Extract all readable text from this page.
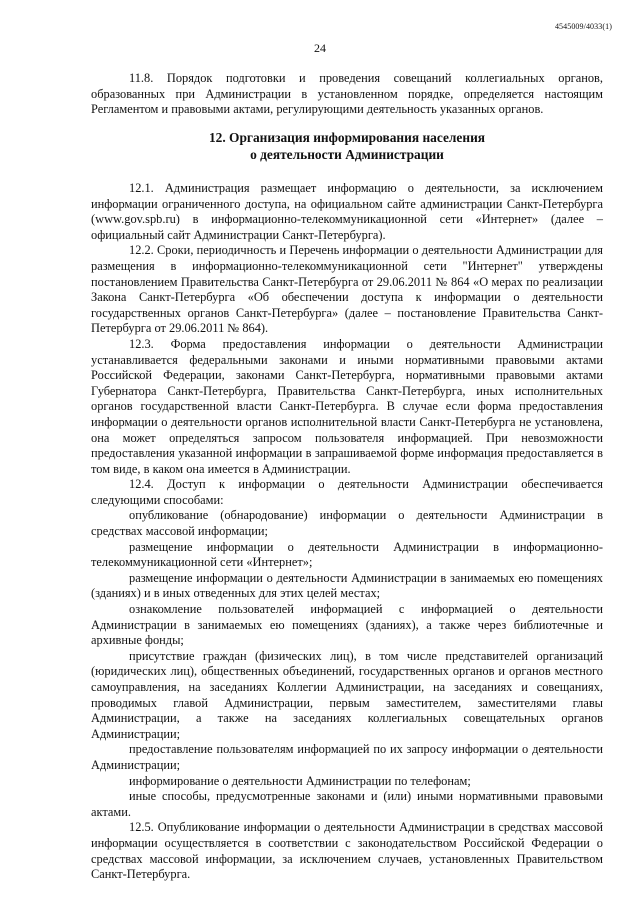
4545009/4033(1)
24

11.8. Порядок подготовки и проведения совещаний коллегиальных органов, образованных при Администрации в установленном порядке, определяется настоящим Регламентом и правовыми актами, регулирующими деятельность указанных органов.

12. Организация информирования населения
о деятельности Администрации

12.1. Администрация размещает информацию о деятельности, за исключением информации ограниченного доступа, на официальном сайте администрации Санкт-Петербурга (www.gov.spb.ru) в информационно-телекоммуникационной сети «Интернет» (далее – официальный сайт Администрации Санкт-Петербурга).

12.2. Сроки, периодичность и Перечень информации о деятельности Администрации для размещения в информационно-телекоммуникационной сети "Интернет" утверждены постановлением Правительства Санкт-Петербурга от 29.06.2011 № 864 «О мерах по реализации Закона Санкт-Петербурга «Об обеспечении доступа к информации о деятельности государственных органов Санкт-Петербурга» (далее – постановление Правительства Санкт-Петербурга от 29.06.2011 № 864).

12.3. Форма предоставления информации о деятельности Администрации устанавливается федеральными законами и иными нормативными правовыми актами Российской Федерации, законами Санкт-Петербурга, нормативными правовыми актами Губернатора Санкт-Петербурга, Правительства Санкт-Петербурга, иных исполнительных органов государственной власти Санкт-Петербурга. В случае если форма предоставления информации о деятельности органов исполнительной власти Санкт-Петербурга не установлена, она может определяться запросом пользователя информацией. При невозможности предоставления указанной информации в запрашиваемой форме информация предоставляется в том виде, в каком она имеется в Администрации.

12.4. Доступ к информации о деятельности Администрации обеспечивается следующими способами:

опубликование (обнародование) информации о деятельности Администрации в средствах массовой информации;

размещение информации о деятельности Администрации в информационно-телекоммуникационной сети «Интернет»;

размещение информации о деятельности Администрации в занимаемых ею помещениях (зданиях) и в иных отведенных для этих целей местах;

ознакомление пользователей информацией с информацией о деятельности Администрации в занимаемых ею помещениях (зданиях), а также через библиотечные и архивные фонды;

присутствие граждан (физических лиц), в том числе представителей организаций (юридических лиц), общественных объединений, государственных органов и органов местного самоуправления, на заседаниях Коллегии Администрации, на заседаниях и совещаниях, проводимых главой Администрации, первым заместителем, заместителями главы Администрации, а также на заседаниях коллегиальных совещательных органов Администрации;

предоставление пользователям информацией по их запросу информации о деятельности Администрации;

информирование о деятельности Администрации по телефонам;

иные способы, предусмотренные законами и (или) иными нормативными правовыми актами.

12.5. Опубликование информации о деятельности Администрации в средствах массовой информации осуществляется в соответствии с законодательством Российской Федерации о средствах массовой информации, за исключением случаев, установленных Правительством Санкт-Петербурга.
